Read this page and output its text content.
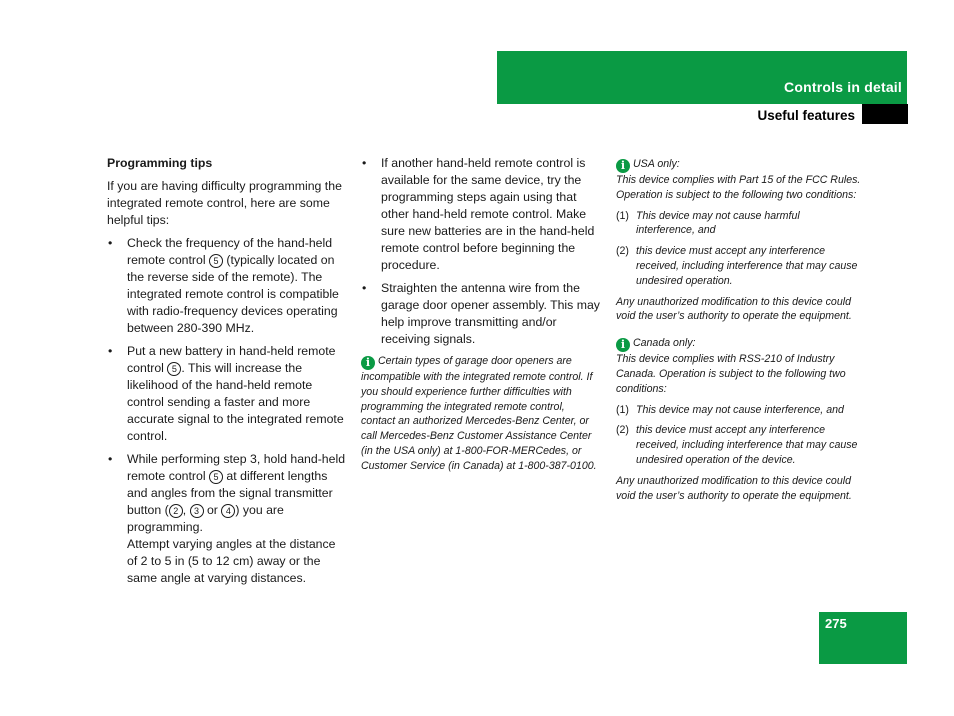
Controls in detail
Useful features
Programming tips

If you are having difficulty programming the integrated remote control, here are some helpful tips:

• Check the frequency of the hand-held remote control 5 (typically located on the reverse side of the remote). The integrated remote control is compatible with radio-frequency devices operating between 280-390 MHz.
• Put a new battery in hand-held remote control 5 . This will increase the likelihood of the hand-held remote control sending a faster and more accurate signal to the integrated remote control.
• While performing step 3, hold hand-held remote control 5 at different lengths and angles from the signal transmitter button ( 2 , 3 or 4 ) you are programming.
Attempt varying angles at the distance of 2 to 5 in (5 to 12 cm) away or the same angle at varying distances.
• If another hand-held remote control is available for the same device, try the programming steps again using that other hand-held remote control. Make sure new batteries are in the hand-held remote control before beginning the procedure.
• Straighten the antenna wire from the garage door opener assembly. This may help improve transmitting and/or receiving signals.

i Certain types of garage door openers are incompatible with the integrated remote control. If you should experience further difficulties with programming the integrated remote control, contact an authorized Mercedes-Benz Center, or call Mercedes-Benz Customer Assistance Center (in the USA only) at 1-800-FOR-MERCedes, or Customer Service (in Canada) at 1-800-387-0100.

i USA only:

This device complies with Part 15 of the FCC Rules. Operation is subject to the following two conditions:

(1) This device may not cause harmful interference, and
(2) this device must accept any interference received, including interference that may cause undesired operation.

Any unauthorized modification to this device could void the user’s authority to operate the equipment.

i Canada only:

This device complies with RSS-210 of Industry Canada. Operation is subject to the following two conditions:

(1) This device may not cause interference, and
(2) this device must accept any interference received, including interference that may cause undesired operation of the device.

Any unauthorized modification to this device could void the user’s authority to operate the equipment.

275
